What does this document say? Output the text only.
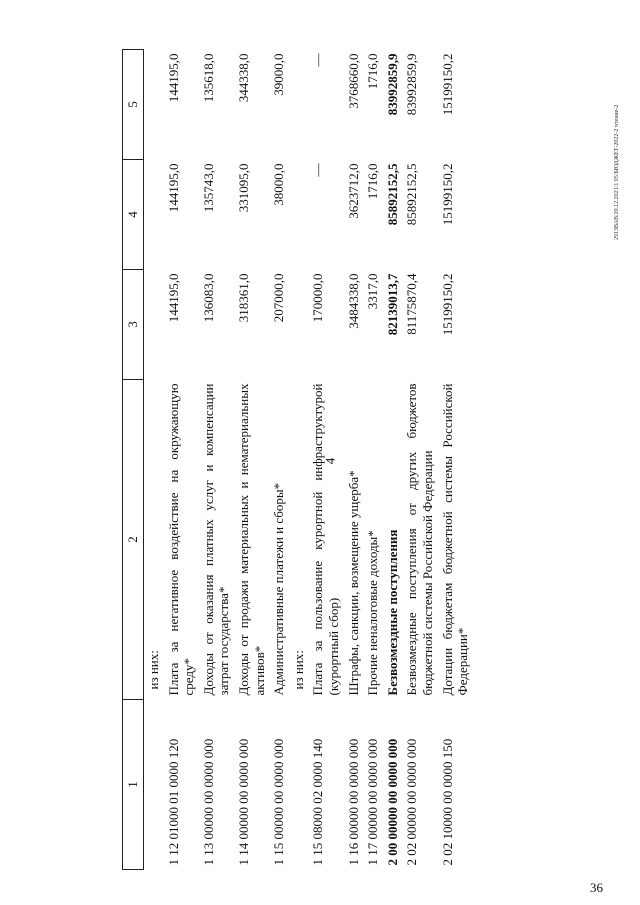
4
36
2913ВАВ/20.12.2021/1 05/БЮДЖЕТ-2022-2 чтение-2
1	2	3	4	5
	из них:			
1 12 01000 01 0000 120	Плата за негативное воздействие на окружающую среду*	144195,0	144195,0	144195,0
1 13 00000 00 0000 000	Доходы от оказания платных услуг и компенсации затрат государства*	136083,0	135743,0	135618,0
1 14 00000 00 0000 000	Доходы от продажи материальных и нематериальных активов*	318361,0	331095,0	344338,0
1 15 00000 00 0000 000	Административные платежи и сборы*	207000,0	38000,0	39000,0
	из них:			
1 15 08000 02 0000 140	Плата за пользование курортной инфраструктурой (курортный сбор)	170000,0	—	—
1 16 00000 00 0000 000	Штрафы, санкции, возмещение ущерба*	3484338,0	3623712,0	3768660,0
1 17 00000 00 0000 000	Прочие неналоговые доходы*	3317,0	1716,0	1716,0
2 00 00000 00 0000 000	Безвозмездные поступления	82139013,7	85892152,5	83992859,9
2 02 00000 00 0000 000	Безвозмездные поступления от других бюджетов бюджетной системы Российской Федерации	81175870,4	85892152,5	83992859,9
2 02 10000 00 0000 150	Дотации бюджетам бюджетной системы Российской Федерации*	15199150,2	15199150,2	15199150,2
